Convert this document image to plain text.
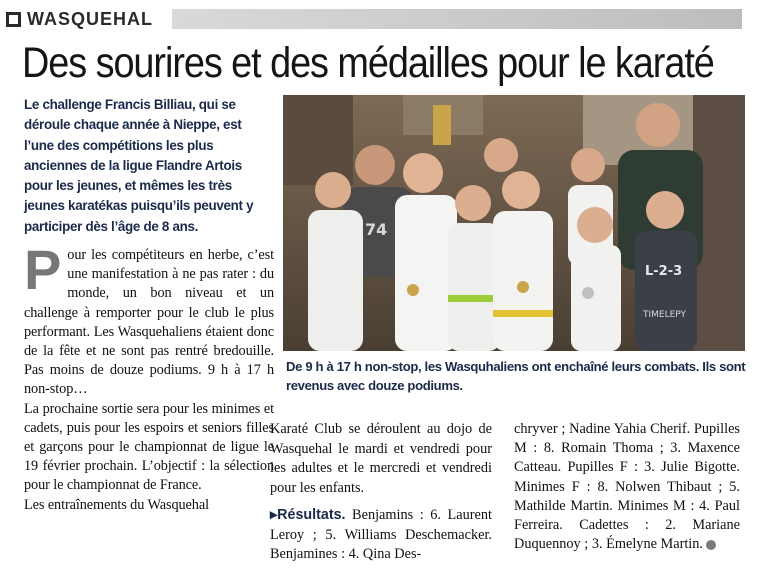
WASQUEHAL
Des sourires et des médailles pour le karaté
Le challenge Francis Billiau, qui se déroule chaque année à Nieppe, est l’une des compétitions les plus anciennes de la ligue Flandre Artois pour les jeunes, et mêmes les très jeunes karatékas puisqu’ils peuvent y participer dès l’âge de 8 ans.
P our les compétiteurs en herbe, c’est une manifestation à ne pas rater : du monde, un bon niveau et un challenge à remporter pour le club le plus performant. Les Wasquehaliens étaient donc de la fête et ne sont pas rentré bredouille. Pas moins de douze podiums. 9 h à 17 h non-stop…

La prochaine sortie sera pour les minimes et cadets, puis pour les espoirs et seniors filles et garçons pour le championnat de ligue le 19 février prochain. L’objectif : la sélection pour le championnat de France.

Les entraînements du Wasquehal

L-2-3
TIMELEPY
74
De 9 h à 17 h non-stop, les Wasquhaliens ont enchaîné leurs combats. Ils sont revenus avec douze podiums.

Karaté Club se déroulent au dojo de Wasquehal le mardi et vendredi pour les adultes et le mercredi et vendredi pour les enfants.

▸Résultats. Benjamins : 6. Laurent Leroy ; 5. Williams Deschemacker. Benjamines : 4. Qina Des-

chryver ; Nadine Yahia Cherif. Pupilles M : 8. Romain Thoma ; 3. Maxence Catteau. Pupilles F : 3. Julie Bigotte. Minimes F : 8. Nolwen Thibaut ; 5. Mathilde Martin. Minimes M : 4. Paul Ferreira. Cadettes : 2. Mariane Duquennoy ; 3. Émelyne Martin.
